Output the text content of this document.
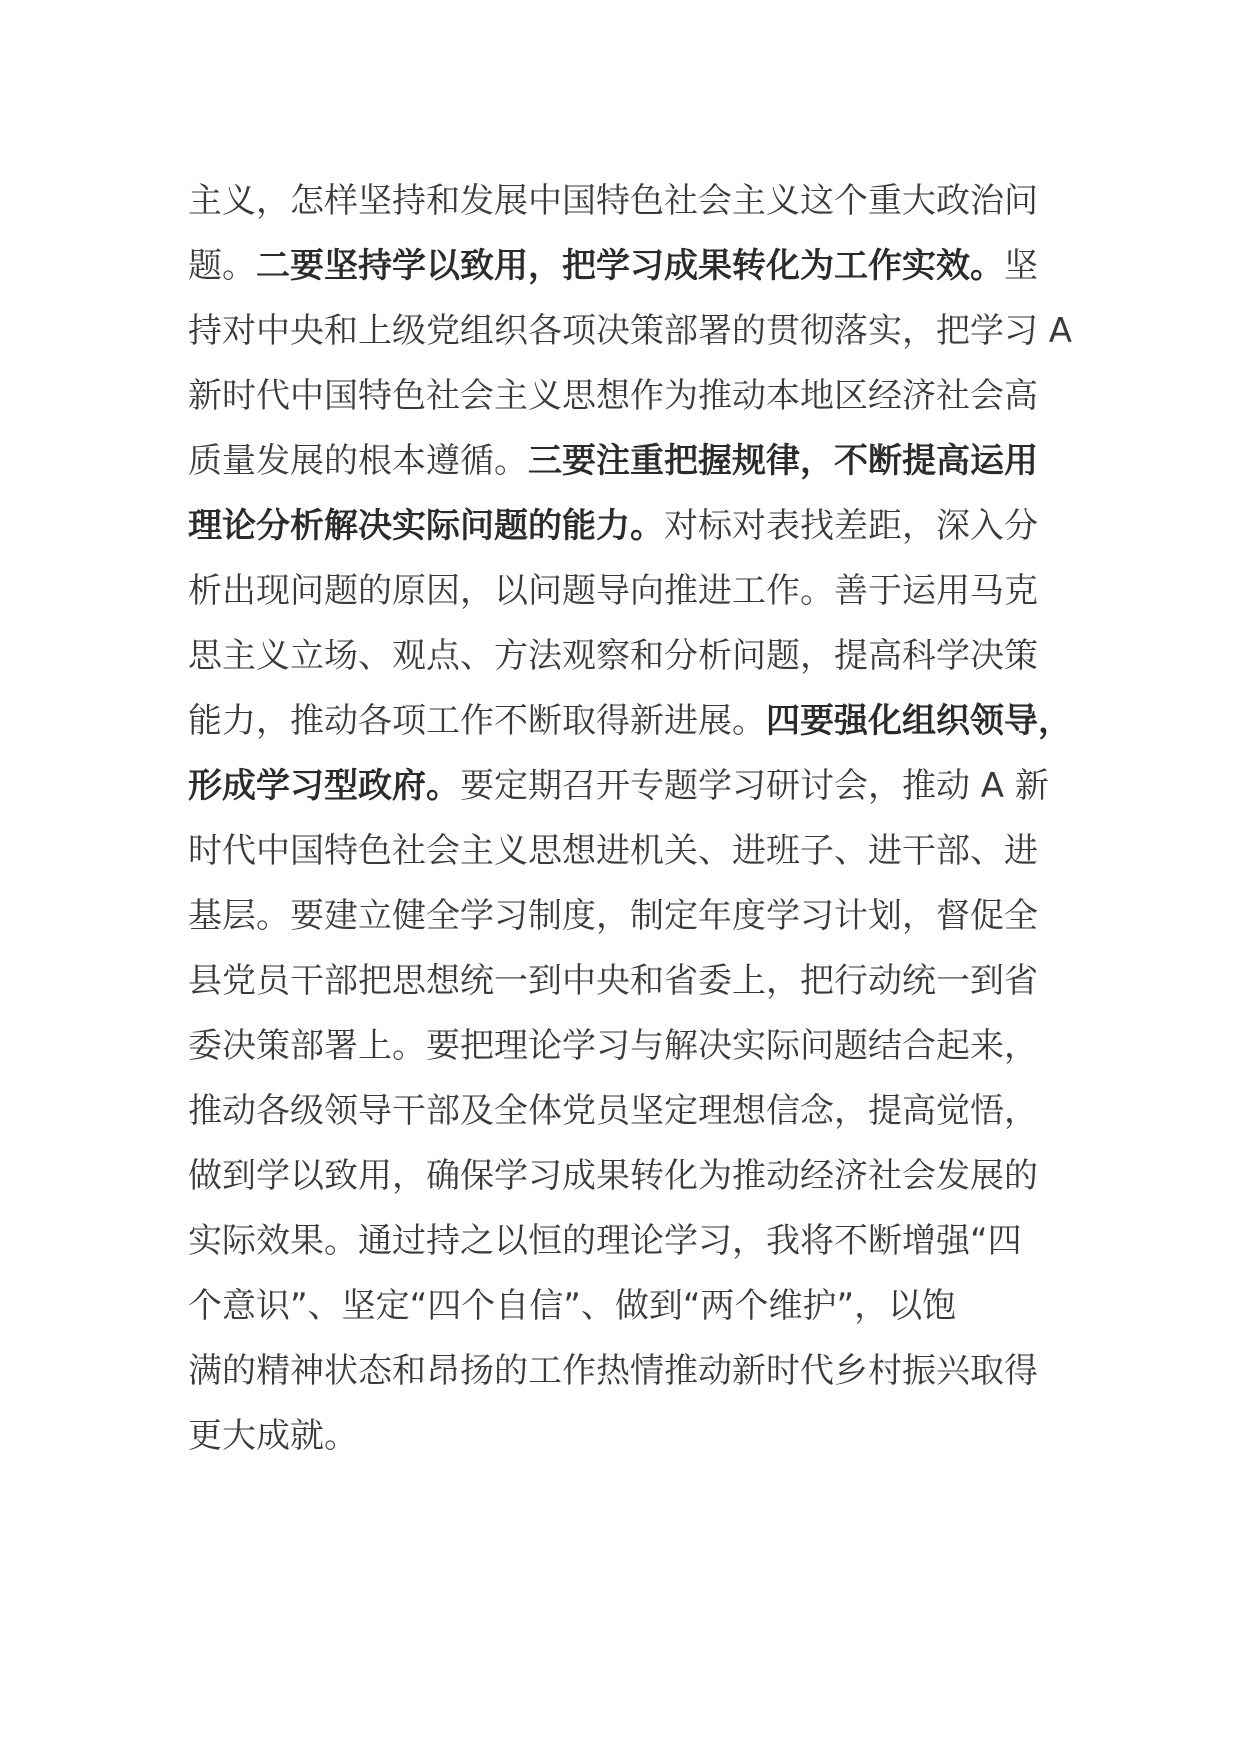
主义，怎样坚持和发展中国特色社会主义这个重大政治问
题。二要坚持学以致用，把学习成果转化为工作实效。坚
持对中央和上级党组织各项决策部署的贯彻落实，把学习 A
新时代中国特色社会主义思想作为推动本地区经济社会高
质量发展的根本遵循。三要注重把握规律，不断提高运用
理论分析解决实际问题的能力。对标对表找差距，深入分
析出现问题的原因，以问题导向推进工作。善于运用马克
思主义立场、观点、方法观察和分析问题，提高科学决策
能力，推动各项工作不断取得新进展。四要强化组织领导，
形成学习型政府。要定期召开专题学习研讨会，推动 A 新
时代中国特色社会主义思想进机关、进班子、进干部、进
基层。要建立健全学习制度，制定年度学习计划，督促全
县党员干部把思想统一到中央和省委上，把行动统一到省
委决策部署上。要把理论学习与解决实际问题结合起来，
推动各级领导干部及全体党员坚定理想信念，提高觉悟，
做到学以致用，确保学习成果转化为推动经济社会发展的
实际效果。通过持之以恒的理论学习，我将不断增强“四
个意识”、坚定“四个自信”、做到“两个维护”，以饱
满的精神状态和昂扬的工作热情推动新时代乡村振兴取得
更大成就。
